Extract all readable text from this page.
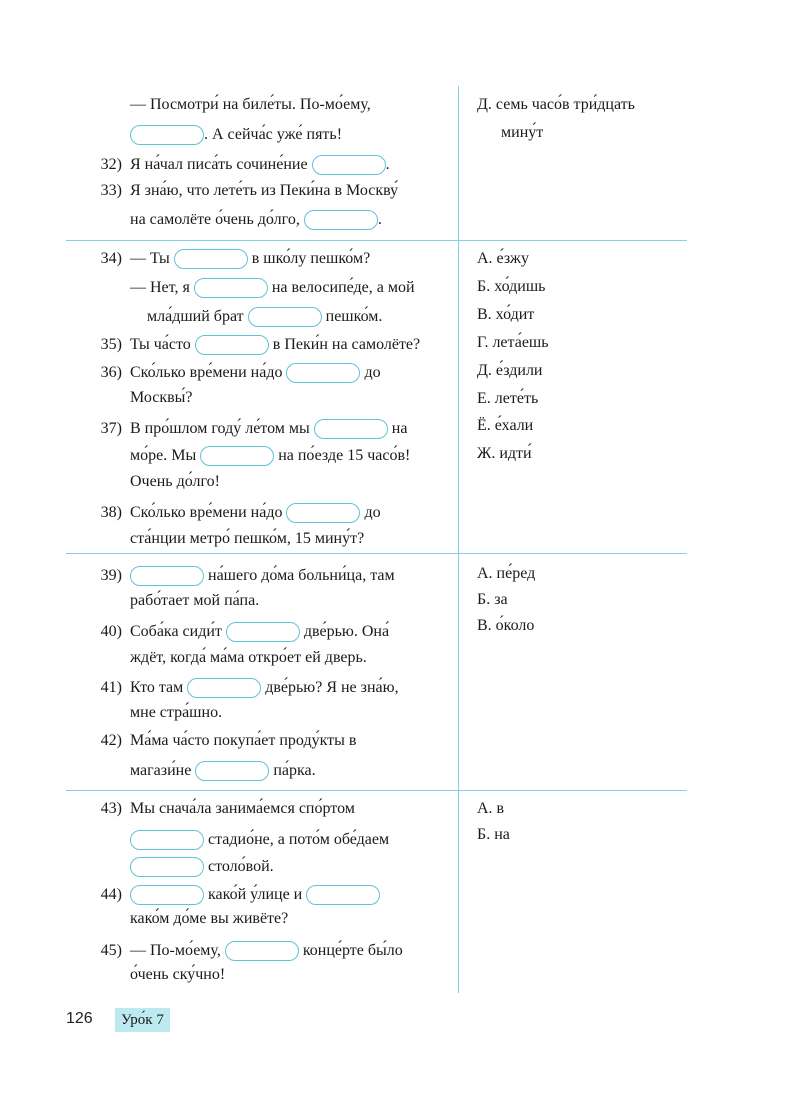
— Посмотри́ на биле́ты. По-мо́ему,
. А сейча́с уже́ пять!
32) Я на́чал писа́ть сочине́ние	.
33) Я зна́ю, что лете́ть из Пеки́на в Москву́
на самолёте о́чень до́лго,	.
Д. семь часо́в три́дцать
мину́т
34) — Ты	в шко́лу пешко́м?
— Нет, я	на велосипе́де, а мой
мла́дший брат	пешко́м.
35) Ты ча́сто	в Пеки́н на самолёте?
36) Ско́лько вре́мени на́до	до
Москвы́?
37) В про́шлом году́ ле́том мы	на
мо́ре. Мы	на по́езде 15 часо́в!
Очень до́лго!
38) Ско́лько вре́мени на́до	до
ста́нции метро́ пешко́м, 15 мину́т?
А. е́зжу
Б. хо́дишь
В. хо́дит
Г. лета́ешь
Д. е́здили
Е. лете́ть
Ё. е́хали
Ж. идти́
39)	на́шего до́ма больни́ца, там
рабо́тает мой па́па.
40) Соба́ка сиди́т	две́рью. Она́
ждёт, когда́ ма́ма откро́ет ей дверь.
41) Кто там	две́рью? Я не зна́ю,
мне стра́шно.
42) Ма́ма ча́сто покупа́ет проду́кты в
магази́не	па́рка.
А. пе́ред
Б. за
В. о́коло
43) Мы снача́ла занима́емся спо́ртом
стадио́не, а пото́м обе́даем
столо́вой.
44)	како́й у́лице и
како́м до́ме вы живёте?
45) — По-мо́ему,	конце́рте бы́ло
о́чень ску́чно!
А. в
Б. на
126	Уро́к 7
